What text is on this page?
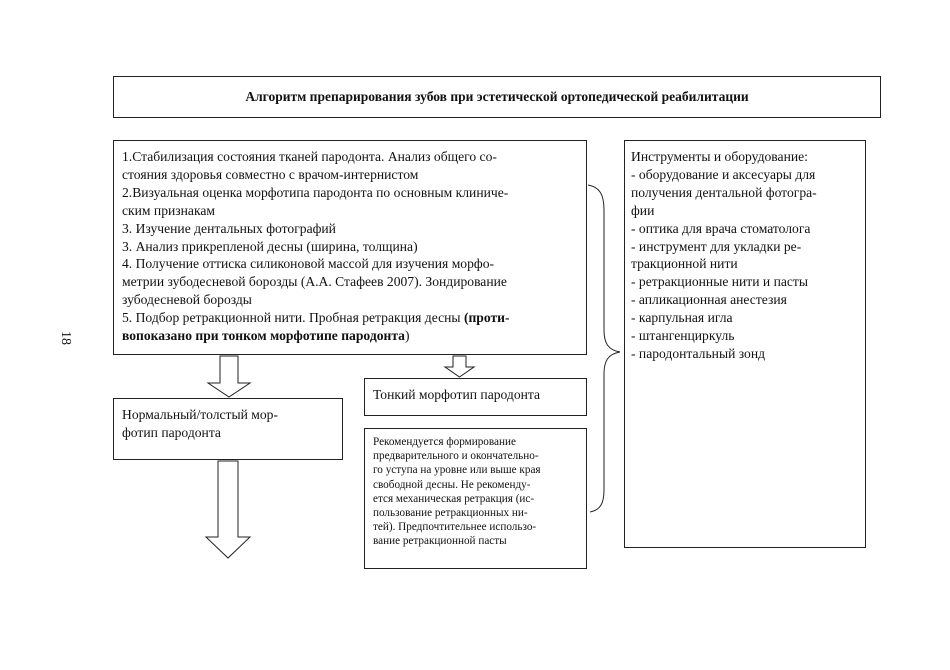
18
Алгоритм препарирования зубов при эстетической ортопедической реабилитации
1.Стабилизация состояния тканей пародонта. Анализ общего со-
стояния здоровья совместно с врачом-интернистом
2.Визуальная оценка морфотипа пародонта по основным клиниче-
ским признакам
3. Изучение дентальных фотографий
3. Анализ прикрепленой десны (ширина, толщина)
4. Получение оттиска силиконовой массой для изучения морфо-
метрии зубодесневой борозды (А.А. Стафеев 2007). Зондирование
зубодесневой борозды
5. Подбор ретракционной нити. Пробная ретракция десны (проти-
вопоказано при тонком морфотипе пародонта)
Инструменты и оборудование:
- оборудование и аксесуары для
получения дентальной фотогра-
фии
- оптика для врача стоматолога
- инструмент для укладки ре-
тракционной нити
- ретракционные нити и пасты
- апликационная анестезия
- карпульная игла
- штангенциркуль
- пародонтальный зонд
Нормальный/толстый мор-
фотип пародонта
Тонкий морфотип пародонта
Рекомендуется формирование
предварительного и окончательно-
го уступа на уровне или выше края
свободной десны. Не рекоменду-
ется механическая ретракция (ис-
пользование ретракционных ни-
тей). Предпочтительнее использо-
вание ретракционной пасты
